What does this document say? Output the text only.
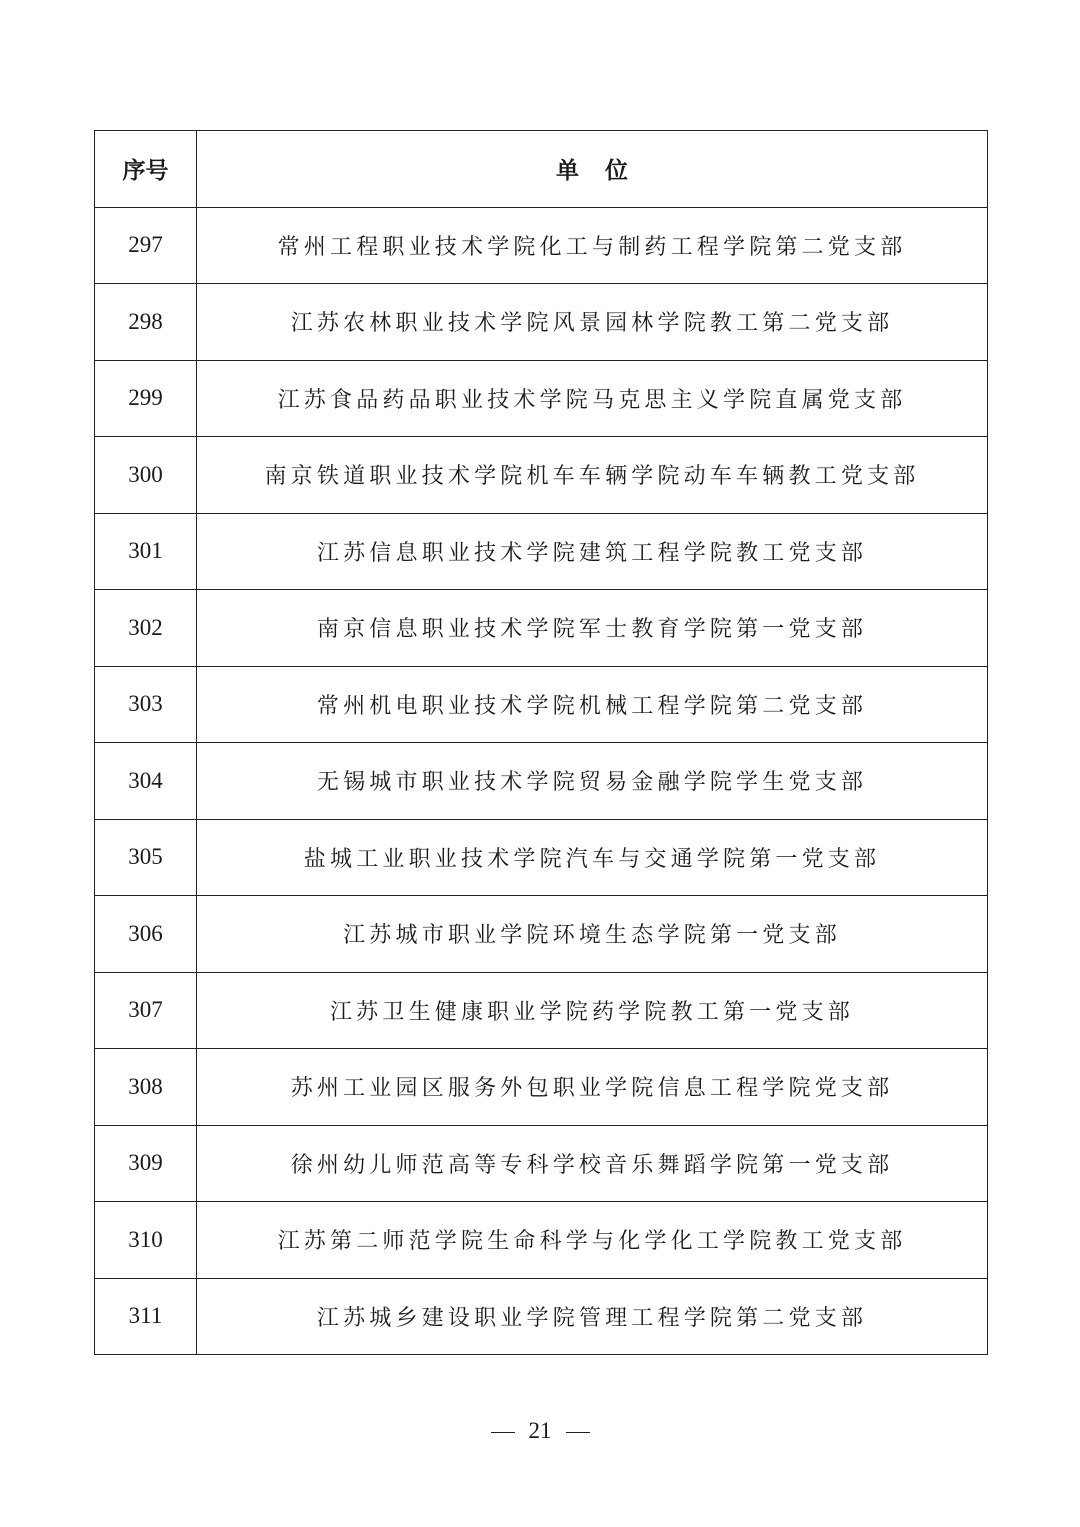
序号	单位
297	常州工程职业技术学院化工与制药工程学院第二党支部
298	江苏农林职业技术学院风景园林学院教工第二党支部
299	江苏食品药品职业技术学院马克思主义学院直属党支部
300	南京铁道职业技术学院机车车辆学院动车车辆教工党支部
301	江苏信息职业技术学院建筑工程学院教工党支部
302	南京信息职业技术学院军士教育学院第一党支部
303	常州机电职业技术学院机械工程学院第二党支部
304	无锡城市职业技术学院贸易金融学院学生党支部
305	盐城工业职业技术学院汽车与交通学院第一党支部
306	江苏城市职业学院环境生态学院第一党支部
307	江苏卫生健康职业学院药学院教工第一党支部
308	苏州工业园区服务外包职业学院信息工程学院党支部
309	徐州幼儿师范高等专科学校音乐舞蹈学院第一党支部
310	江苏第二师范学院生命科学与化学化工学院教工党支部
311	江苏城乡建设职业学院管理工程学院第二党支部
21
